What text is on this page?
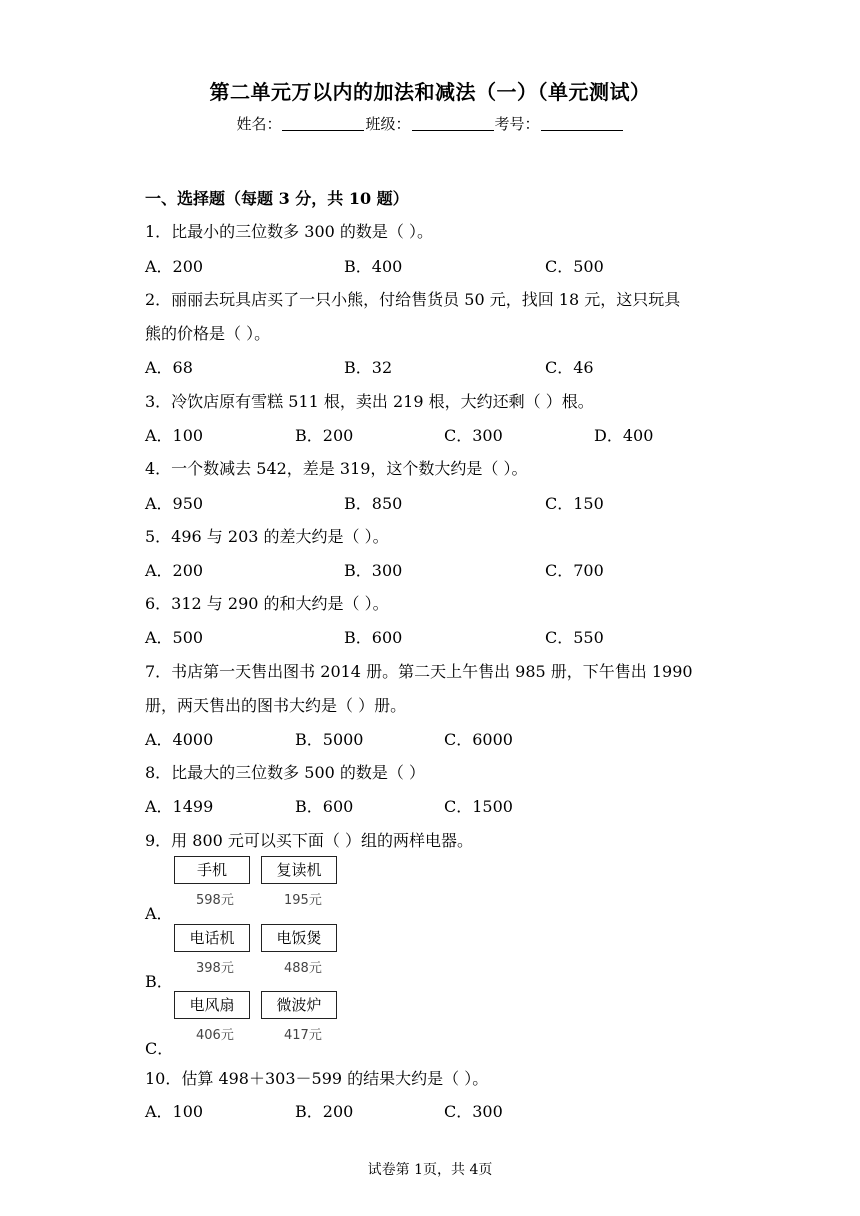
第二单元万以内的加法和减法（一）（单元测试）
姓名：	班级：	考号：
一、选择题（每题 3 分，共 10 题）
1．比最小的三位数多 300 的数是（ ）。
A．200	B．400	C．500
2．丽丽去玩具店买了一只小熊，付给售货员 50 元，找回 18 元，这只玩具
熊的价格是（ ）。
A．68	B．32	C．46
3．冷饮店原有雪糕 511 根，卖出 219 根，大约还剩（ ）根。
A．100	B．200	C．300	D．400
4．一个数减去 542，差是 319，这个数大约是（ ）。
A．950	B．850	C．150
5．496 与 203 的差大约是（ ）。
A．200	B．300	C．700
6．312 与 290 的和大约是（ ）。
A．500	B．600	C．550
7．书店第一天售出图书 2014 册。第二天上午售出 985 册，下午售出 1990
册，两天售出的图书大约是（ ）册。
A．4000	B．5000	C．6000
8．比最大的三位数多 500 的数是（ ）
A．1499	B．600	C．1500
9．用 800 元可以买下面（ ）组的两样电器。
手机	复读机
598元	195元
A．
电话机	电饭煲
398元	488元
B．
电风扇	微波炉
406元	417元
C．
10．估算 498＋303－599 的结果大约是（ ）。
A．100	B．200	C．300
试卷第 1页，共 4页
